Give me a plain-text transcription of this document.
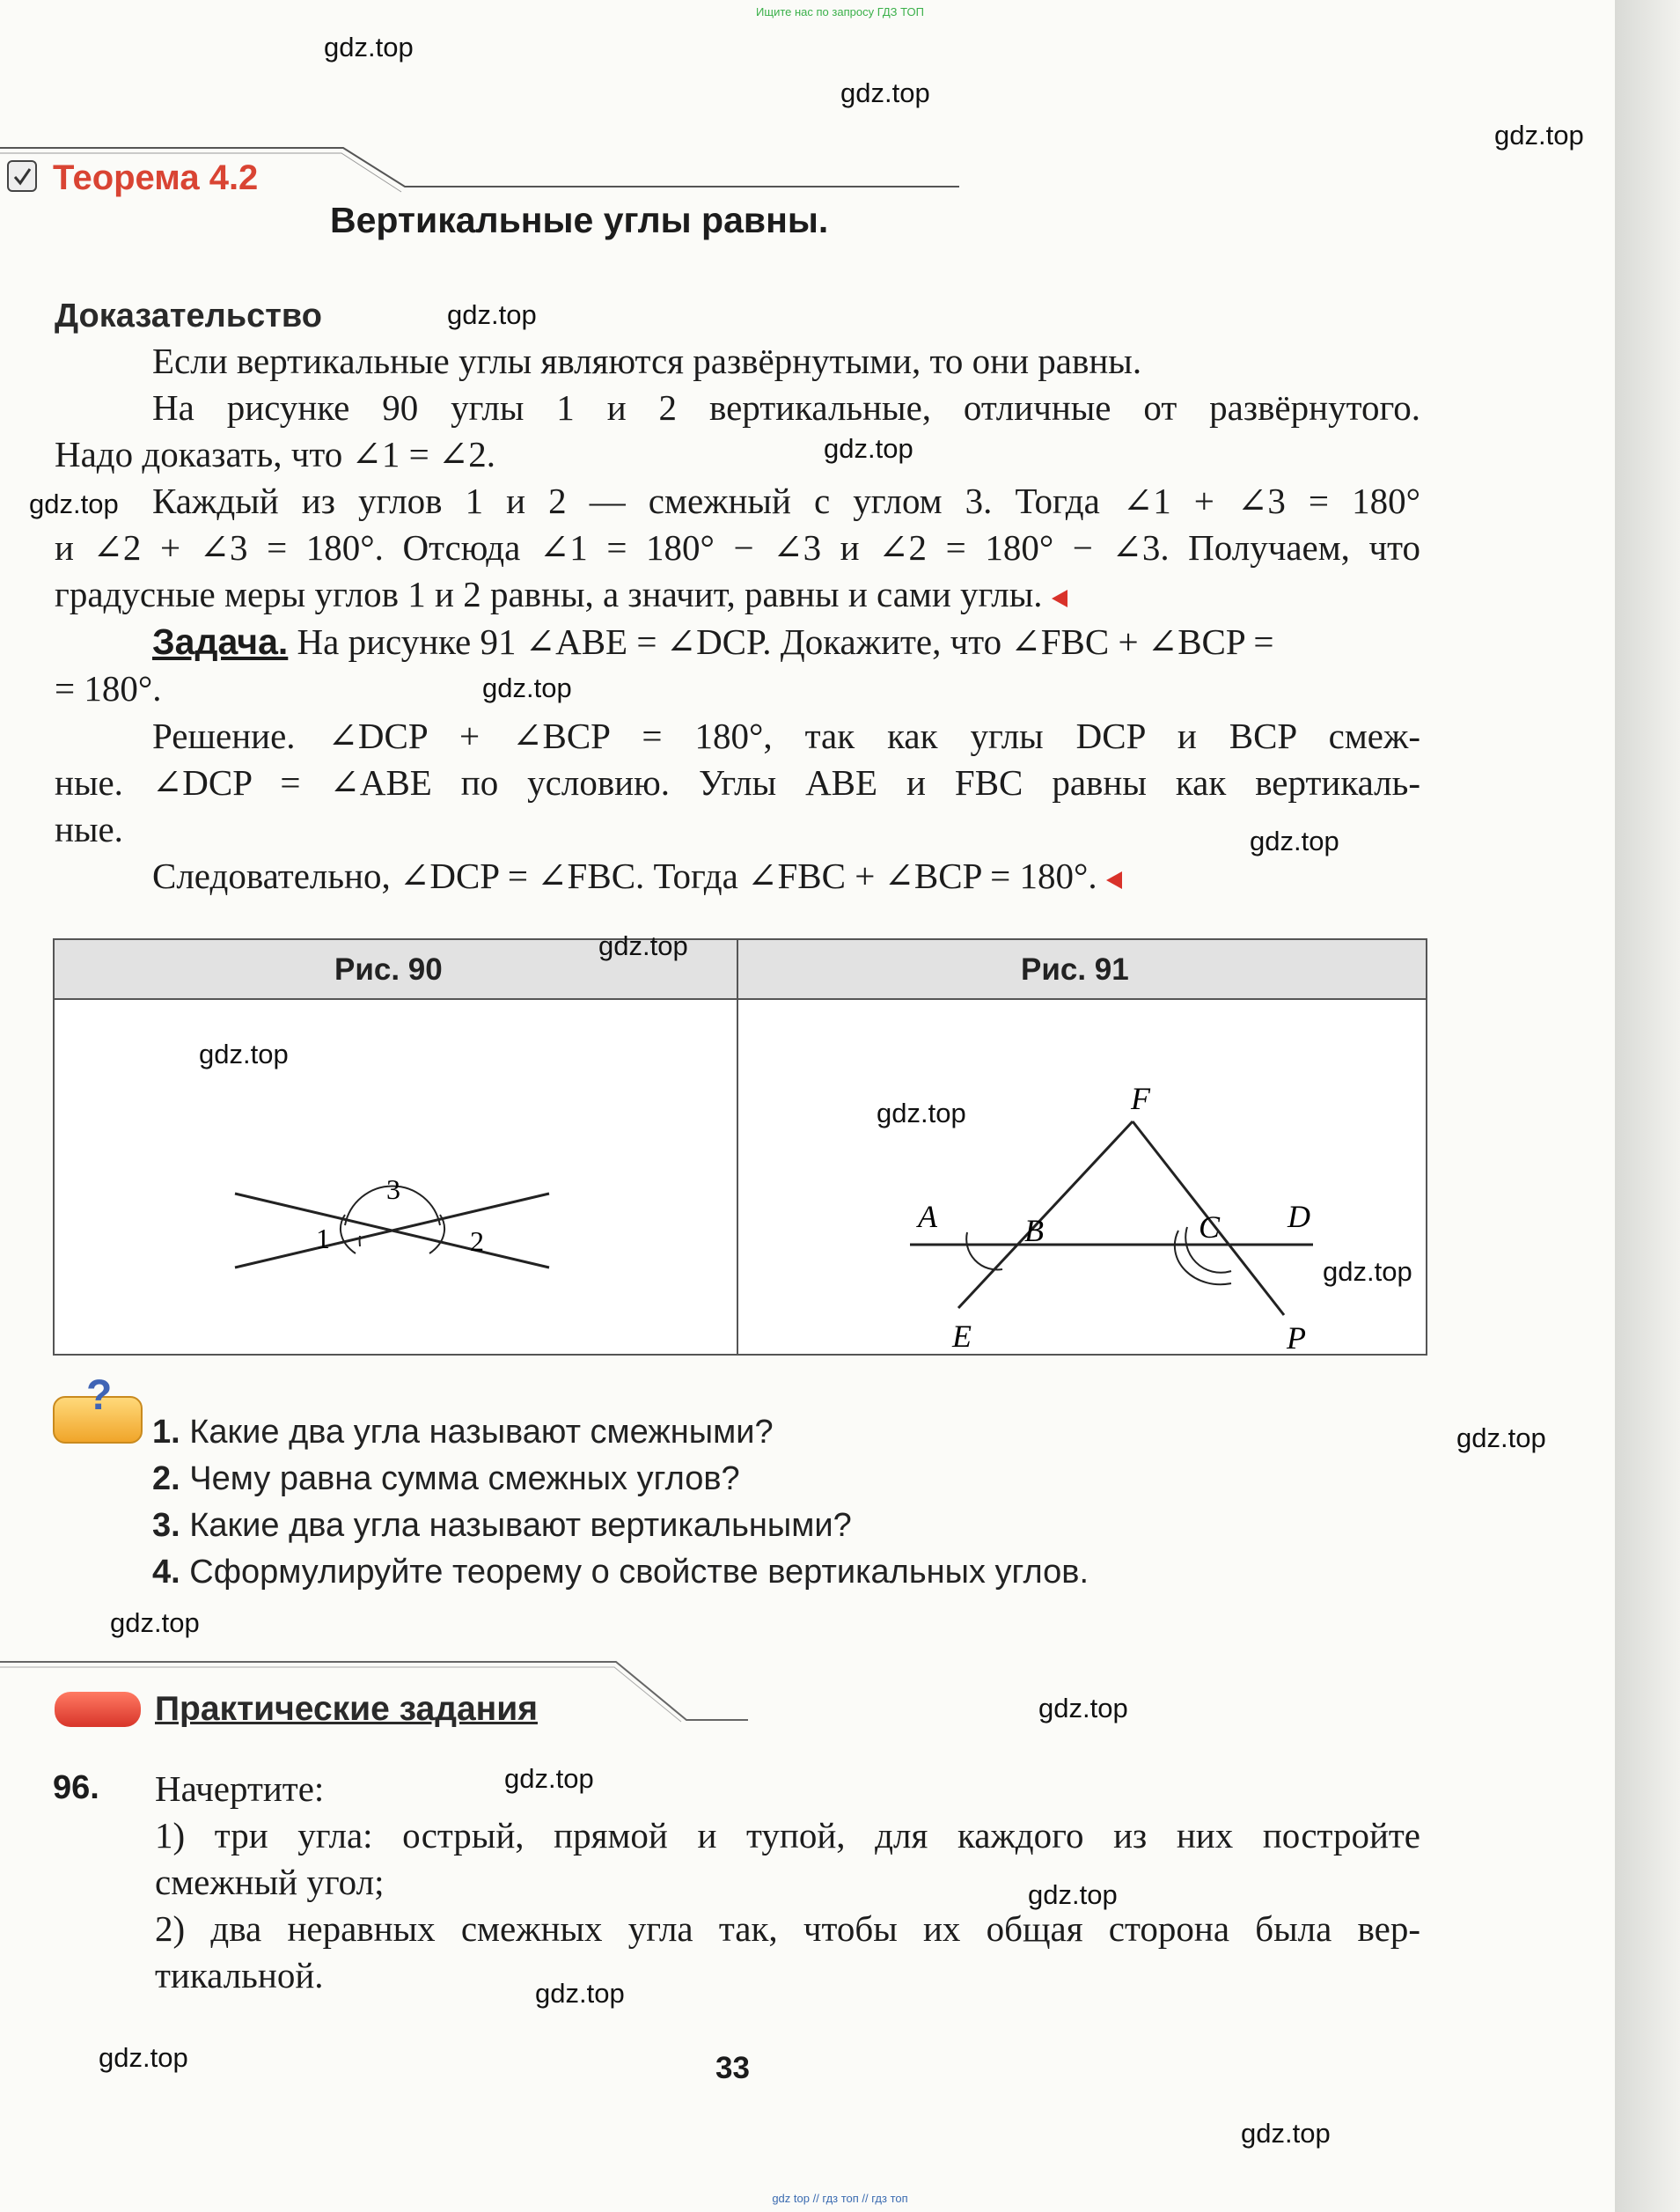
Ищите нас по запросу ГДЗ ТОП
gdz top // гдз топ // гдз топ
Теорема 4.2
Вертикальные углы равны.
Доказательство
Если вертикальные углы являются развёрнутыми, то они равны.
На рисунке 90 углы 1 и 2 вертикальные, отличные от развёрнутого.
Надо доказать, что ∠1 = ∠2.
Каждый из углов 1 и 2 — смежный с углом 3. Тогда ∠1 + ∠3 = 180°
и ∠2 + ∠3 = 180°. Отсюда ∠1 = 180° − ∠3 и ∠2 = 180° − ∠3. Получаем, что
градусные меры углов 1 и 2 равны, а значит, равны и сами углы.
Задача. На рисунке 91 ∠ABE = ∠DCP. Докажите, что ∠FBC + ∠BCP =
= 180°.
Решение. ∠DCP + ∠BCP = 180°, так как углы DCP и BCP смеж-
ные. ∠DCP = ∠ABE по условию. Углы ABE и FBC равны как вертикаль-
ные.
Следовательно, ∠DCP = ∠FBC. Тогда ∠FBC + ∠BCP = 180°.
Рис. 90	Рис. 91
3
1	2
F
A	B	C D
E	P
?
1. Какие два угла называют смежными?
2. Чему равна сумма смежных углов?
3. Какие два угла называют вертикальными?
4. Сформулируйте теорему о свойстве вертикальных углов.
Практические задания
96. Начертите:
1) три угла: острый, прямой и тупой, для каждого из них постройте
смежный угол;
2) два неравных смежных угла так, чтобы их общая сторона была вер-
тикальной.
33
gdz.top
gdz.top
gdz.top
gdz.top
gdz.top
gdz.top
gdz.top
gdz.top
gdz.top
gdz.top
gdz.top
gdz.top
gdz.top
gdz.top
gdz.top
gdz.top
gdz.top
gdz.top
gdz.top
gdz.top
